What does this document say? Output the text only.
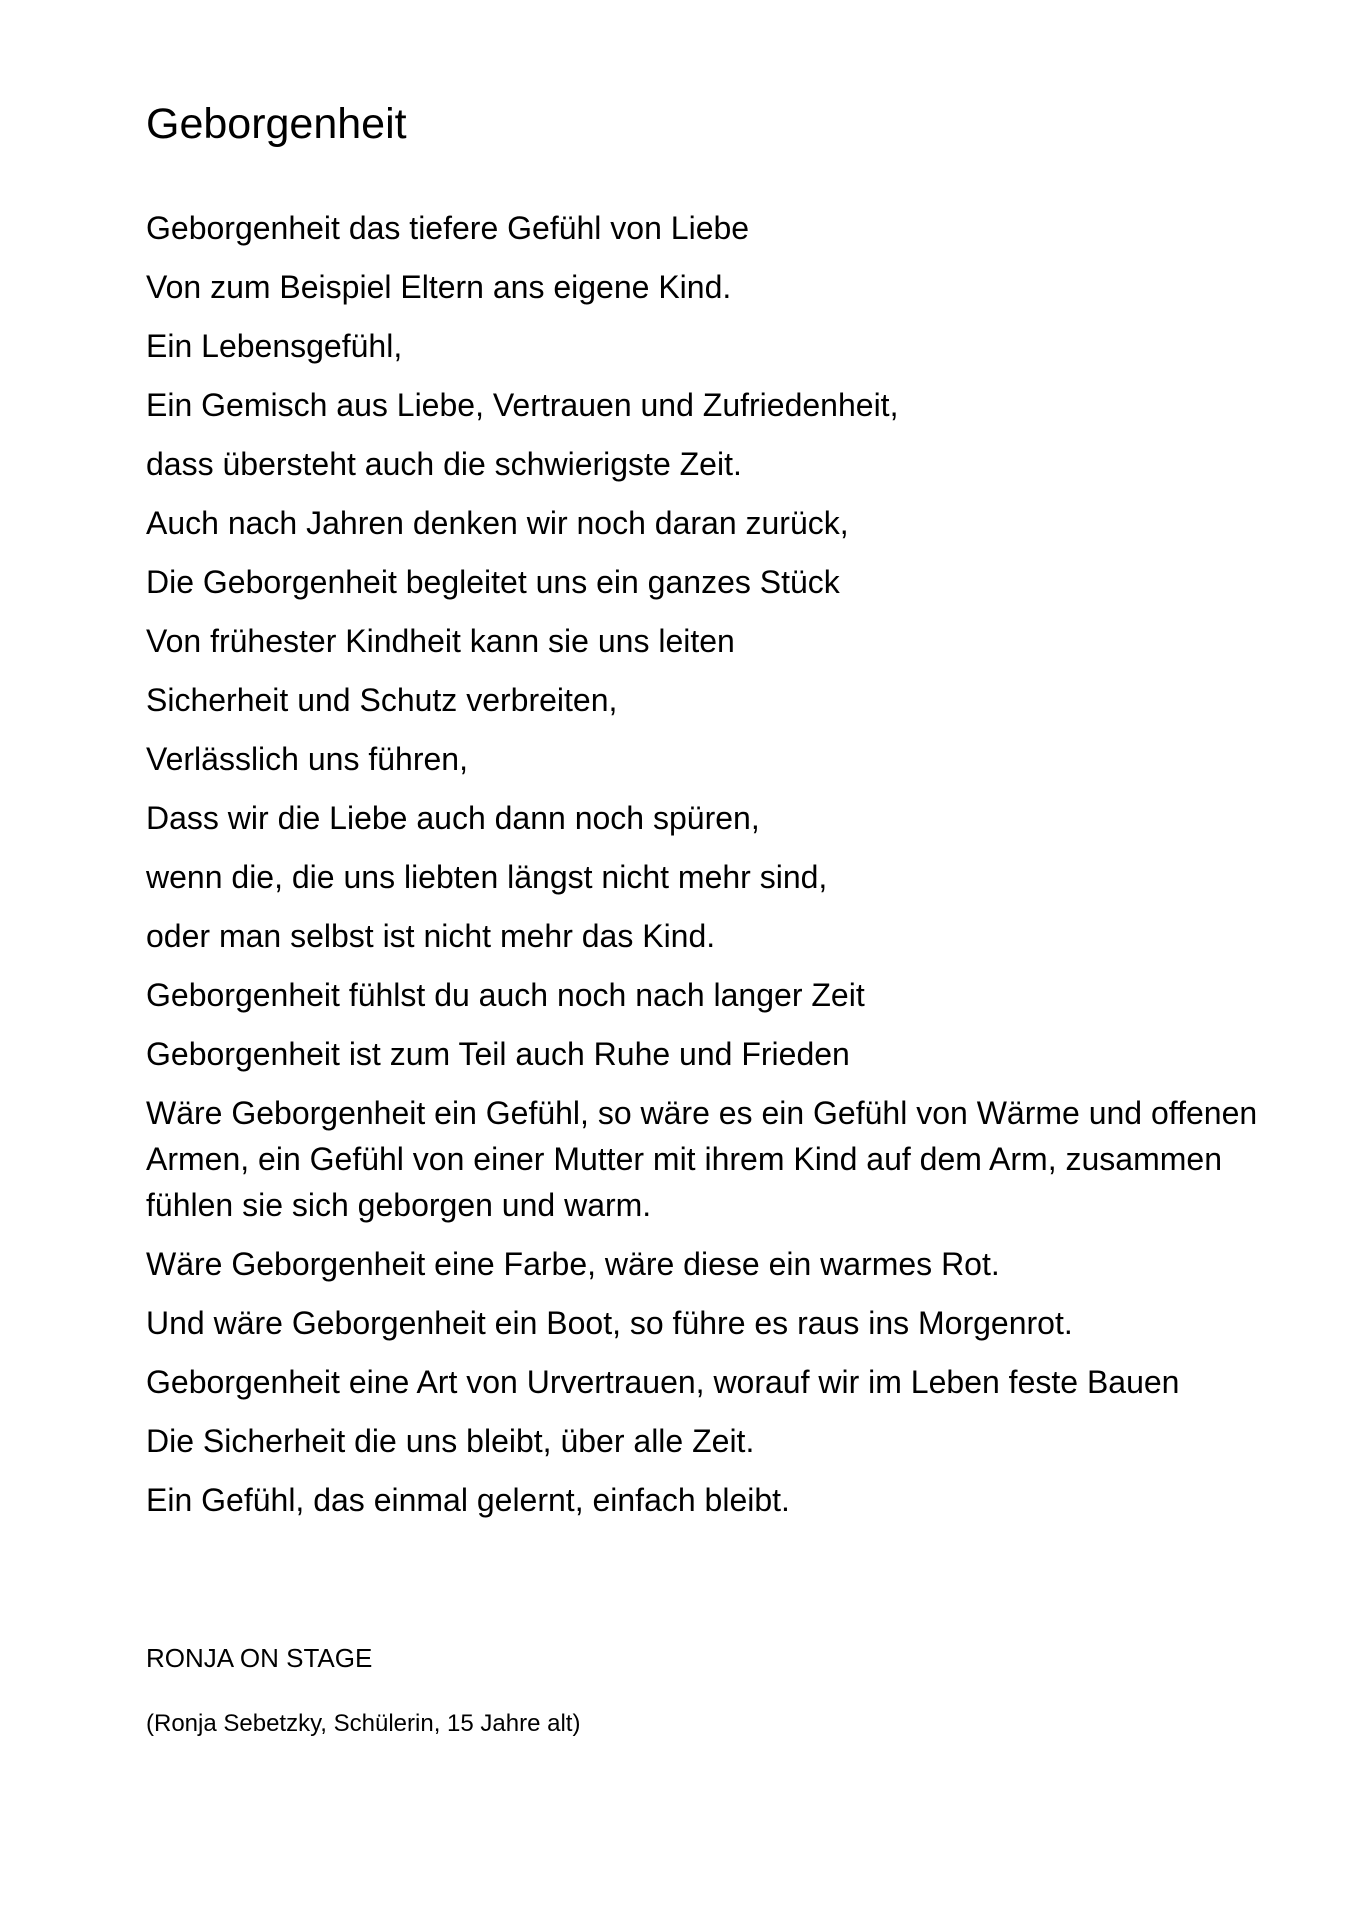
Geborgenheit

Geborgenheit das tiefere Gefühl von Liebe

Von zum Beispiel Eltern ans eigene Kind.

Ein Lebensgefühl,

Ein Gemisch aus Liebe, Vertrauen und Zufriedenheit,

dass übersteht auch die schwierigste Zeit.

Auch nach Jahren denken wir noch daran zurück,

Die Geborgenheit begleitet uns ein ganzes Stück

Von frühester Kindheit kann sie uns leiten

Sicherheit und Schutz verbreiten,

Verlässlich uns führen,

Dass wir die Liebe auch dann noch spüren,

wenn die, die uns liebten längst nicht mehr sind,

oder man selbst ist nicht mehr das Kind.

Geborgenheit fühlst du auch noch nach langer Zeit

Geborgenheit ist zum Teil auch Ruhe und Frieden

Wäre Geborgenheit ein Gefühl, so wäre es ein Gefühl von Wärme und offenen Armen, ein Gefühl von einer Mutter mit ihrem Kind auf dem Arm, zusammen fühlen sie sich geborgen und warm.

Wäre Geborgenheit eine Farbe, wäre diese ein warmes Rot.

Und wäre Geborgenheit ein Boot, so führe es raus ins Morgenrot.

Geborgenheit eine Art von Urvertrauen, worauf wir im Leben feste Bauen

Die Sicherheit die uns bleibt, über alle Zeit.

Ein Gefühl, das einmal gelernt, einfach bleibt.

RONJA ON STAGE

(Ronja Sebetzky, Schülerin, 15 Jahre alt)
